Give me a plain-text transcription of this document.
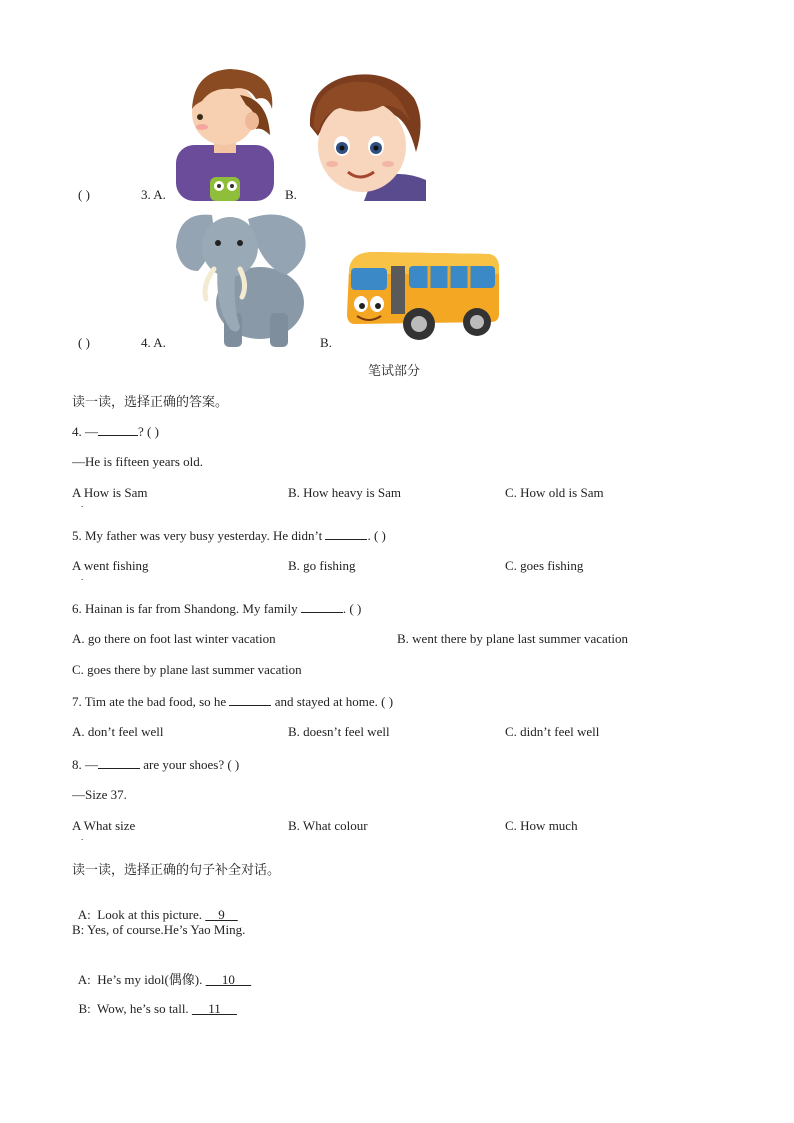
( )	3. A.	B.
( )	4. A.	B.
笔试部分
读一读，选择正确的答案。
4. —	? ( )
—He is fifteen years old.
A How is Sam
.
B. How heavy is Sam	C. How old is Sam
5. My father was very busy yesterday. He didn’t	. ( )
A went fishing
.
B. go fishing	C. goes fishing
6. Hainan is far from Shandong. My family	. ( )
A. go there on foot last winter vacation	B. went there by plane last summer vacation
C. goes there by plane last summer vacation
7. Tim ate the bad food, so he	and stayed at home. ( )
A. don’t feel well	B. doesn’t feel well	C. didn’t feel well
8. —	are your shoes? ( )
—Size 37.
A What size
.
B. What colour	C. How much
读一读，选择正确的句子补全对话。

A:  Look at this picture.     9

B: Yes, of course.He’s Yao Ming.

A:  He’s my idol(偶像).      10

B:  Wow, he’s so tall.      11
